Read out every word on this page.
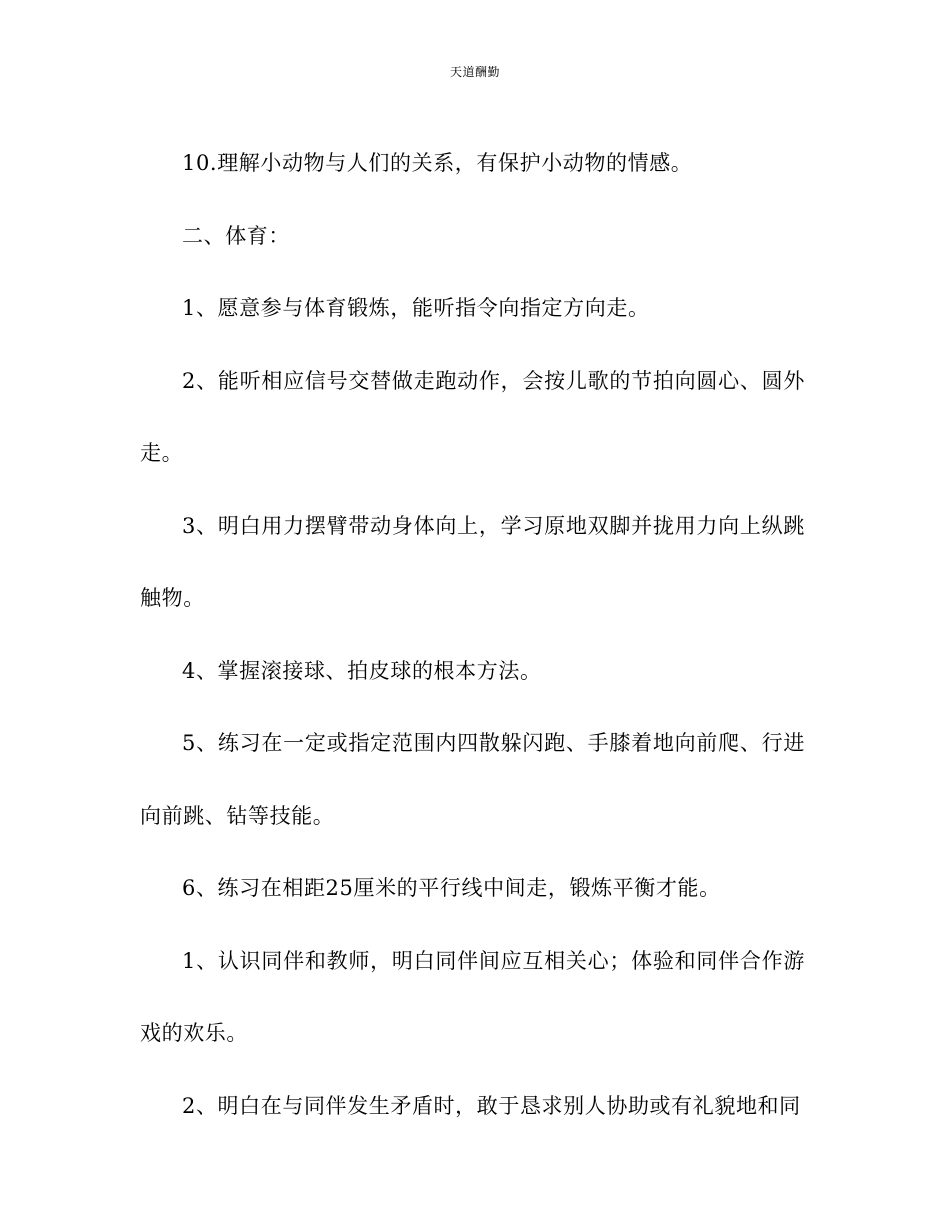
天道酬勤

10.理解小动物与人们的关系，有保护小动物的情感。

二、体育：

1、愿意参与体育锻炼，能听指令向指定方向走。

2、能听相应信号交替做走跑动作，会按儿歌的节拍向圆心、圆外走。

3、明白用力摆臂带动身体向上，学习原地双脚并拢用力向上纵跳触物。

4、掌握滚接球、拍皮球的根本方法。

5、练习在一定或指定范围内四散躲闪跑、手膝着地向前爬、行进向前跳、钻等技能。

6、练习在相距25厘米的平行线中间走，锻炼平衡才能。

1、认识同伴和教师，明白同伴间应互相关心；体验和同伴合作游戏的欢乐。

2、明白在与同伴发生矛盾时，敢于恳求别人协助或有礼貌地和同
